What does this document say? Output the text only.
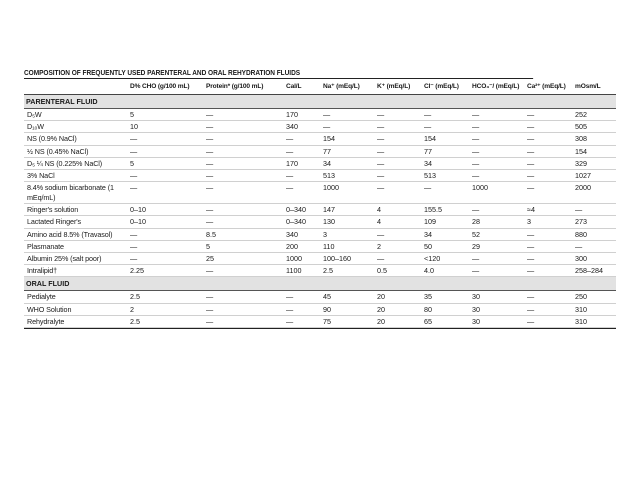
COMPOSITION OF FREQUENTLY USED PARENTERAL AND ORAL REHYDRATION FLUIDS
	D% CHO (g/100 mL)	Protein* (g/100 mL)	Cal/L	Na⁺ (mEq/L)	K⁺ (mEq/L)	Cl⁻ (mEq/L)	HCO₃⁻/ (mEq/L)	Ca²⁺ (mEq/L)	mOsm/L
PARENTERAL FLUID									
D₅W	5	—	170	—	—	—	—	—	252
D₁₀W	10	—	340	—	—	—	—	—	505
NS (0.9% NaCl)	—	—	—	154	—	154	—	—	308
½ NS (0.45% NaCl)	—	—	—	77	—	77	—	—	154
D₅ ¼ NS (0.225% NaCl)	5	—	170	34	—	34	—	—	329
3% NaCl	—	—	—	513	—	513	—	—	1027
8.4% sodium bicarbonate (1 mEq/mL)	—	—	—	1000	—	—	1000	—	2000
Ringer's solution	0–10	—	0–340	147	4	155.5	—	≈4	—
Lactated Ringer's	0–10	—	0–340	130	4	109	28	3	273
Amino acid 8.5% (Travasol)	—	8.5	340	3	—	34	52	—	880
Plasmanate	—	5	200	110	2	50	29	—	—
Albumin 25% (salt poor)	—	25	1000	100–160	—	<120	—	—	300
Intralipid†	2.25	—	1100	2.5	0.5	4.0	—	—	258–284
ORAL FLUID									
Pedialyte	2.5	—	—	45	20	35	30	—	250
WHO Solution	2	—	—	90	20	80	30	—	310
Rehydralyte	2.5	—	—	75	20	65	30	—	310
